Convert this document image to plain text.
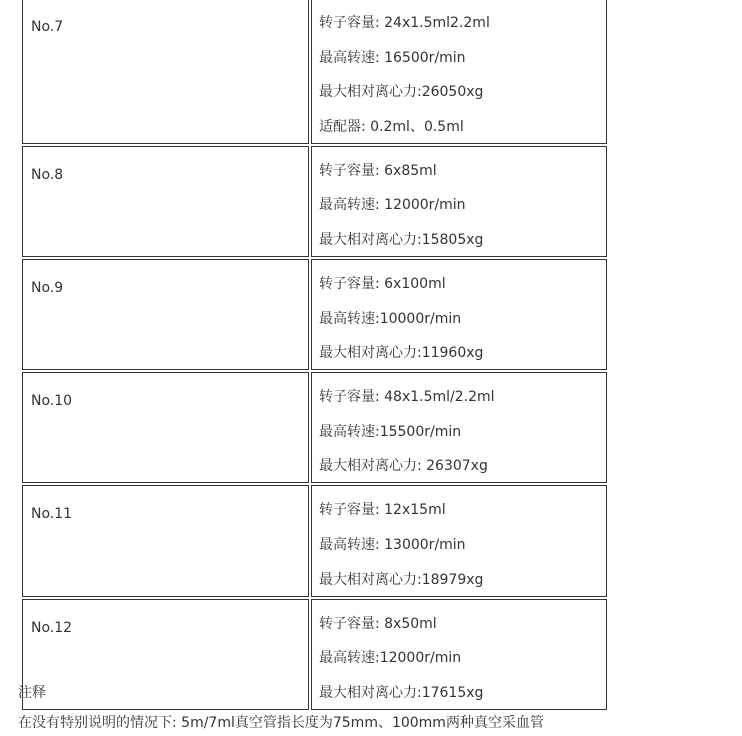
No.7	转子容量: 24x1.5ml2.2ml
最高转速: 16500r/min
最大相对离心力:26050xg
适配器: 0.2ml、0.5ml

No.8	转子容量: 6x85ml
最高转速: 12000r/min
最大相对离心力:15805xg

No.9	转子容量: 6x100ml
最高转速:10000r/min
最大相对离心力:11960xg

No.10	转子容量: 48x1.5ml/2.2ml
最高转速:15500r/min
最大相对离心力: 26307xg

No.11	转子容量: 12x15ml
最高转速: 13000r/min
最大相对离心力:18979xg

No.12	转子容量: 8x50ml
最高转速:12000r/min
最大相对离心力:17615xg
注释
在没有特别说明的情况下: 5m/7ml真空管指长度为75mm、100mm两种真空采血管
